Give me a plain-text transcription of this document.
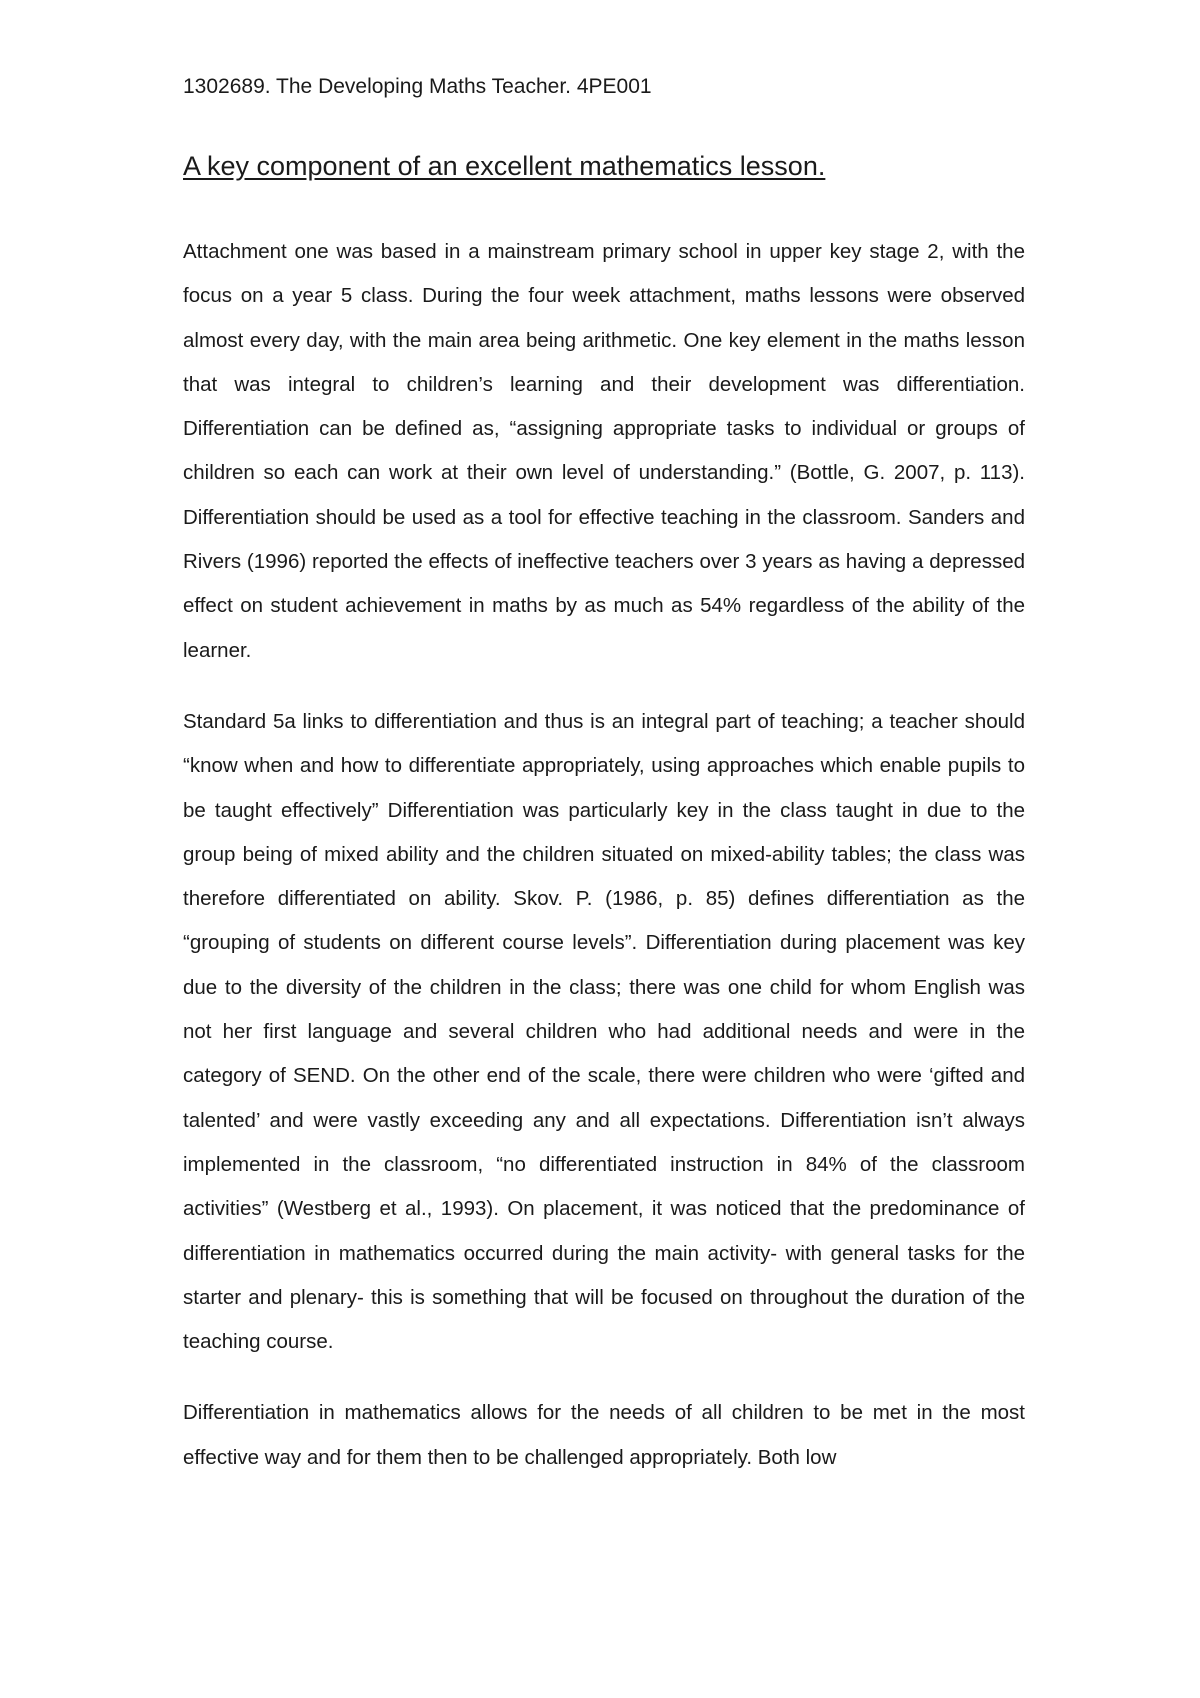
1302689. The Developing Maths Teacher. 4PE001
A key component of an excellent mathematics lesson.

Attachment one was based in a mainstream primary school in upper key stage 2, with the focus on a year 5 class. During the four week attachment, maths lessons were observed almost every day, with the main area being arithmetic. One key element in the maths lesson that was integral to children’s learning and their development was differentiation. Differentiation can be defined as, “assigning appropriate tasks to individual or groups of children so each can work at their own level of understanding.” (Bottle, G. 2007, p. 113). Differentiation should be used as a tool for effective teaching in the classroom. Sanders and Rivers (1996) reported the effects of ineffective teachers over 3 years as having a depressed effect on student achievement in maths by as much as 54% regardless of the ability of the learner.

Standard 5a links to differentiation and thus is an integral part of teaching; a teacher should “know when and how to differentiate appropriately, using approaches which enable pupils to be taught effectively” Differentiation was particularly key in the class taught in due to the group being of mixed ability and the children situated on mixed-ability tables; the class was therefore differentiated on ability. Skov. P. (1986, p. 85) defines differentiation as the “grouping of students on different course levels”. Differentiation during placement was key due to the diversity of the children in the class; there was one child for whom English was not her first language and several children who had additional needs and were in the category of SEND. On the other end of the scale, there were children who were ‘gifted and talented’ and were vastly exceeding any and all expectations. Differentiation isn’t always implemented in the classroom, “no differentiated instruction in 84% of the classroom activities” (Westberg et al., 1993). On placement, it was noticed that the predominance of differentiation in mathematics occurred during the main activity- with general tasks for the starter and plenary- this is something that will be focused on throughout the duration of the teaching course.

Differentiation in mathematics allows for the needs of all children to be met in the most effective way and for them then to be challenged appropriately. Both low
